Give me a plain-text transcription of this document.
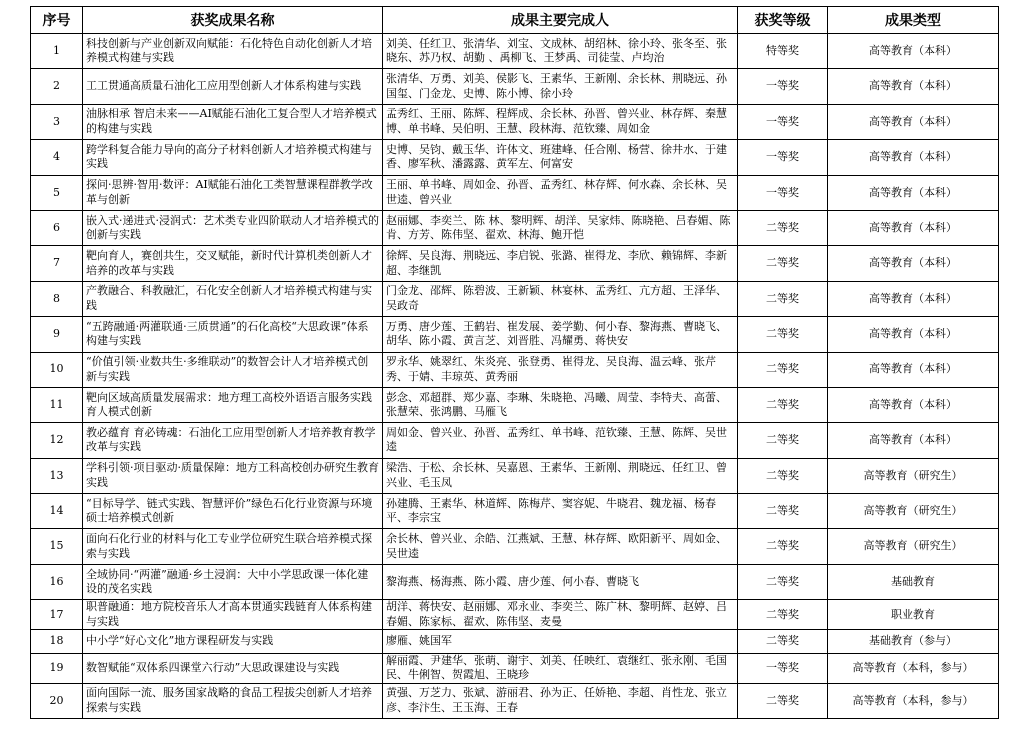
序号	获奖成果名称	成果主要完成人	获奖等级	成果类型
1	科技创新与产业创新双向赋能：石化特色自动化创新人才培养模式构建与实践	刘美、任红卫、张清华、刘宝、文成林、胡绍林、徐小玲、张冬至、张晓东、苏乃权、胡勤 、禹柳飞、王梦禹、司徒莹、卢均治	特等奖	高等教育（本科）
2	工工贯通高质量石油化工应用型创新人才体系构建与实践	张清华、万勇、刘美、侯影飞、王素华、王新刚、余长林、荆晓远、孙国玺、门金龙、史博、陈小博、徐小玲	一等奖	高等教育（本科）
3	油脉相承 智启未来——AI赋能石油化工复合型人才培养模式的构建与实践	孟秀红、王丽、陈辉、程辉成、余长林、孙晋、曾兴业、林存辉、秦慧博、单书峰、吴伯明、王慧、段林海、范钦臻、周如金	一等奖	高等教育（本科）
4	跨学科复合能力导向的高分子材料创新人才培养模式构建与实践	史博、吴钧、戴玉华、许体文、班建峰、任合刚、杨营、徐井水、于建香、廖军秋、潘露露、黄军左、何富安	一等奖	高等教育（本科）
5	探问·思辨·智用·数评：AI赋能石油化工类智慧课程群教学改革与创新	王丽、单书峰、周如金、孙晋、孟秀红、林存辉、何水森、余长林、吴世逵、曾兴业	一等奖	高等教育（本科）
6	嵌入式·递进式·浸润式：艺术类专业四阶联动人才培养模式的创新与实践	赵丽娜、李奕兰、陈 林、黎明辉、胡洋、吴家炜、陈晓艳、吕春媚、陈肯、方芳、陈伟坚、翟欢、林海、鲍开恺	二等奖	高等教育（本科）
7	靶向育人，赛创共生，交叉赋能，新时代计算机类创新人才培养的改革与实践	徐辉、吴良海、荆晓远、李启锐、张潞、崔得龙、李欣、赖锦辉、李新超、李继凯	二等奖	高等教育（本科）
8	产教融合、科教融汇，石化安全创新人才培养模式构建与实践	门金龙、邵辉、陈碧波、王新颖、林宴林、孟秀红、亢方超、王泽华、吴政奇	二等奖	高等教育（本科）
9	“五跨融通·两灌联通·三质贯通”的石化高校“大思政课”体系构建与实践	万勇、唐少莲、王鹤岩、崔发展、姜学勤、何小春、黎海燕、曹晓飞、胡华、陈小霞、黄言芝、刘晋胜、冯耀勇、蒋快安	二等奖	高等教育（本科）
10	“价值引领·业数共生·多维联动”的数智会计人才培养模式创新与实践	罗永华、姚翠红、朱炎亮、张登勇、崔得龙、吴良海、温云峰、张芹秀、于婧、丰琼英、黄秀丽	二等奖	高等教育（本科）
11	靶向区域高质量发展需求：地方理工高校外语语言服务实践育人模式创新	彭念、邓超群、郑少嘉、李琳、朱晓艳、冯曦、周莹、李特夫、高蕾、 张慧荣、张鸿鹏、马雁飞	二等奖	高等教育（本科）
12	教必蕴育 育必铸魂：石油化工应用型创新人才培养教育教学改革与实践	周如金、曾兴业、孙晋、孟秀红、单书峰、范钦臻、王慧、陈辉、吴世逵	二等奖	高等教育（本科）
13	学科引领·项目驱动·质量保障：地方工科高校创办研究生教育实践	梁浩、于松、余长林、吴嘉恩、王素华、王新刚、荆晓远、任红卫、曾兴业、毛玉凤	二等奖	高等教育（研究生）
14	“目标导学、链式实践、智慧评价”绿色石化行业资源与环境硕士培养模式创新	孙建腾、王素华、林道辉、陈梅芹、窦容妮、牛晓君、魏龙福、杨春平、李宗宝	二等奖	高等教育（研究生）
15	面向石化行业的材料与化工专业学位研究生联合培养模式探索与实践	余长林、曾兴业、余皓、江燕斌、王慧、林存辉、欧阳新平、周如金、吴世逵	二等奖	高等教育（研究生）
16	全域协同·“两灌”融通·乡土浸润：大中小学思政课一体化建设的茂名实践	黎海燕、杨海燕、陈小霞、唐少莲、何小春、曹晓飞	二等奖	基础教育
17	职普融通：地方院校音乐人才高本贯通实践链育人体系构建与实践	胡洋、蒋快安、赵丽娜、邓永业、李奕兰、陈广林、黎明辉、赵婷、吕春媚、陈家标、翟欢、陈伟坚、麦曼	二等奖	职业教育
18	中小学“好心文化”地方课程研发与实践	廖雁、姚国军	二等奖	基础教育（参与）
19	数智赋能“双体系四课堂六行动”大思政课建设与实践	解丽霞、尹建华、张萌、谢宇、刘美、任映红、袁继红、张永刚、毛国民、牛俐智、贺霞旭、王晓珍	一等奖	高等教育（本科，参与）
20	面向国际一流、服务国家战略的食品工程拔尖创新人才培养探索与实践	黄强、万芝力、张斌、游丽君、孙为正、任娇艳、李超、肖性龙、张立彦、李汴生、王玉海、王春	二等奖	高等教育（本科，参与）
